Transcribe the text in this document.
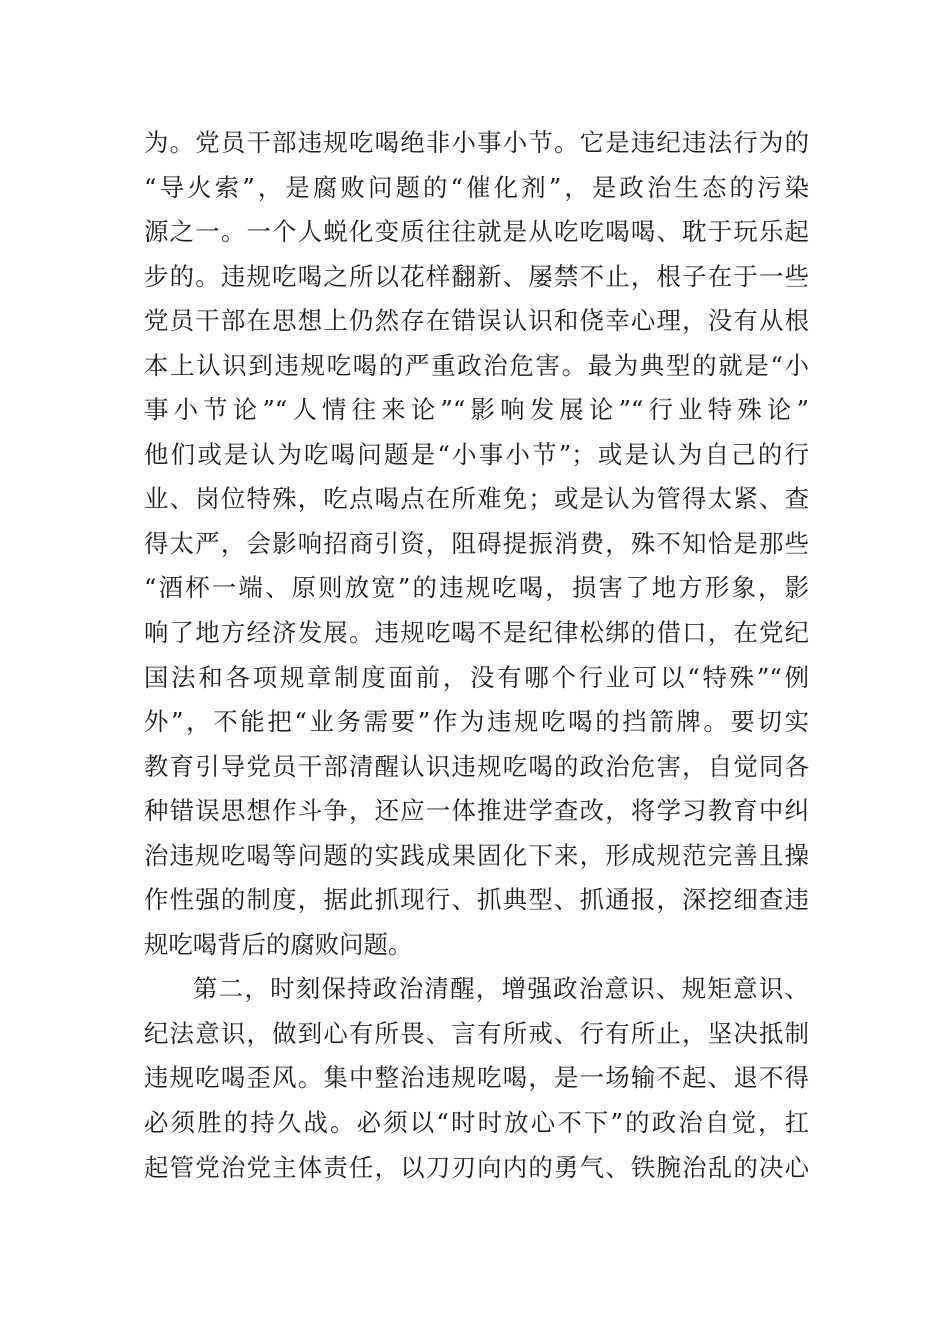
为。党员干部违规吃喝绝非小事小节。它是违纪违法行为的
“导火索”，是腐败问题的“催化剂”，是政治生态的污染
源之一。一个人蜕化变质往往就是从吃吃喝喝、耽于玩乐起
步的。违规吃喝之所以花样翻新、屡禁不止，根子在于一些
党员干部在思想上仍然存在错误认识和侥幸心理，没有从根
本上认识到违规吃喝的严重政治危害。最为典型的就是“小
事小节论”“人情往来论”“影响发展论”“行业特殊论”
他们或是认为吃喝问题是“小事小节”；或是认为自己的行
业、岗位特殊，吃点喝点在所难免；或是认为管得太紧、查
得太严，会影响招商引资，阻碍提振消费，殊不知恰是那些
“酒杯一端、原则放宽”的违规吃喝，损害了地方形象，影
响了地方经济发展。违规吃喝不是纪律松绑的借口，在党纪
国法和各项规章制度面前，没有哪个行业可以“特殊”“例
外”，不能把“业务需要”作为违规吃喝的挡箭牌。要切实
教育引导党员干部清醒认识违规吃喝的政治危害，自觉同各
种错误思想作斗争，还应一体推进学查改，将学习教育中纠
治违规吃喝等问题的实践成果固化下来，形成规范完善且操
作性强的制度，据此抓现行、抓典型、抓通报，深挖细查违
规吃喝背后的腐败问题。
第二，时刻保持政治清醒，增强政治意识、规矩意识、
纪法意识，做到心有所畏、言有所戒、行有所止，坚决抵制
违规吃喝歪风。集中整治违规吃喝，是一场输不起、退不得
必须胜的持久战。必须以“时时放心不下”的政治自觉，扛
起管党治党主体责任，以刀刃向内的勇气、铁腕治乱的决心
